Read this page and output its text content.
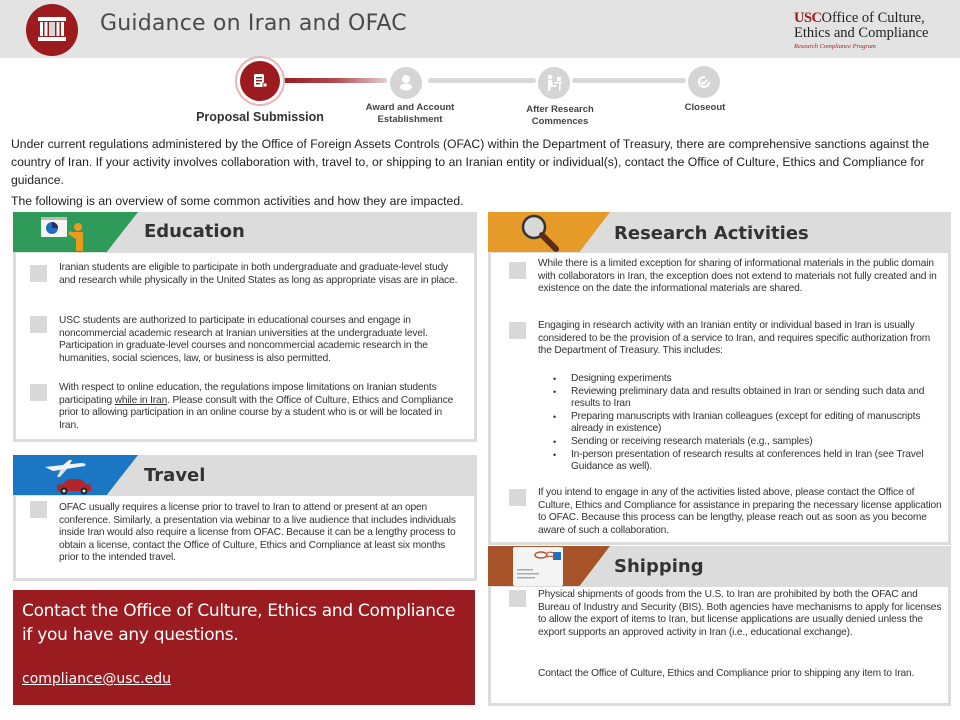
Guidance on Iran and OFAC	USCOffice of Culture,
Ethics and Compliance
Research Compliance Program
Proposal Submission
Award and Account Establishment
After Research Commences
Closeout

Under current regulations administered by the Office of Foreign Assets Controls (OFAC) within the Department of Treasury, there are comprehensive sanctions against the country of Iran. If your activity involves collaboration with, travel to, or shipping to an Iranian entity or individual(s), contact the Office of Culture, Ethics and Compliance for guidance.

The following is an overview of some common activities and how they are impacted.

Education

Iranian students are eligible to participate in both undergraduate and graduate-level study and research while physically in the United States as long as appropriate visas are in place.

USC students are authorized to participate in educational courses and engage in noncommercial academic research at Iranian universities at the undergraduate level. Participation in graduate-level courses and noncommercial academic research in the humanities, social sciences, law, or business is also permitted.

With respect to online education, the regulations impose limitations on Iranian students participating while in Iran. Please consult with the Office of Culture, Ethics and Compliance prior to allowing participation in an online course by a student who is or will be located in Iran.

Travel

OFAC usually requires a license prior to travel to Iran to attend or present at an open conference. Similarly, a presentation via webinar to a live audience that includes individuals inside Iran would also require a license from OFAC. Because it can be a lengthy process to obtain a license, contact the Office of Culture, Ethics and Compliance at least six months prior to the intended travel.

Contact the Office of Culture, Ethics and Compliance if you have any questions.
compliance@usc.edu
Research Activities

While there is a limited exception for sharing of informational materials in the public domain with collaborators in Iran, the exception does not extend to materials not fully created and in existence on the date the informational materials are shared.

Engaging in research activity with an Iranian entity or individual based in Iran is usually considered to be the provision of a service to Iran, and requires specific authorization from the Department of Treasury. This includes:

• Designing experiments
• Reviewing preliminary data and results obtained in Iran or sending such data and results to Iran
• Preparing manuscripts with Iranian colleagues (except for editing of manuscripts already in existence)
• Sending or receiving research materials (e.g., samples)
• In-person presentation of research results at conferences held in Iran (see Travel Guidance as well).

If you intend to engage in any of the activities listed above, please contact the Office of Culture, Ethics and Compliance for assistance in preparing the necessary license application to OFAC. Because this process can be lengthy, please reach out as soon as you become aware of such a collaboration.

Shipping

Physical shipments of goods from the U.S. to Iran are prohibited by both the OFAC and Bureau of Industry and Security (BIS). Both agencies have mechanisms to apply for licenses to allow the export of items to Iran, but license applications are usually denied unless the export supports an approved activity in Iran (i.e., educational exchange).

Contact the Office of Culture, Ethics and Compliance prior to shipping any item to Iran.
